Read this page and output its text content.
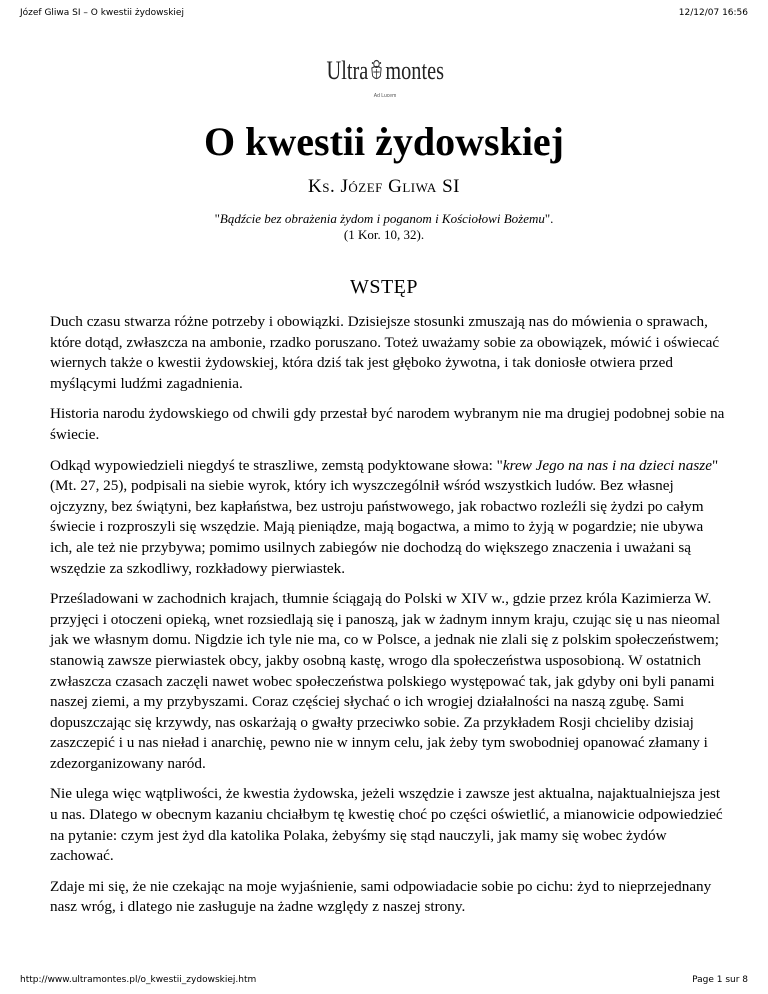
Józef Gliwa SI – O kwestii żydowskiej	12/12/07 16:56
Ultra montes
Ad Lucem
O kwestii żydowskiej
Ks. Józef Gliwa SI
"Bądźcie bez obrażenia żydom i poganom i Kościołowi Bożemu".
(1 Kor. 10, 32).
WSTĘP

Duch czasu stwarza różne potrzeby i obowiązki. Dzisiejsze stosunki zmuszają nas do mówienia o sprawach, które dotąd, zwłaszcza na ambonie, rzadko poruszano. Toteż uważamy sobie za obowiązek, mówić i oświecać wiernych także o kwestii żydowskiej, która dziś tak jest głęboko żywotna, i tak doniosłe otwiera przed myślącymi ludźmi zagadnienia.

Historia narodu żydowskiego od chwili gdy przestał być narodem wybranym nie ma drugiej podobnej sobie na świecie.

Odkąd wypowiedzieli niegdyś te straszliwe, zemstą podyktowane słowa: "krew Jego na nas i na dzieci nasze" (Mt. 27, 25), podpisali na siebie wyrok, który ich wyszczególnił wśród wszystkich ludów. Bez własnej ojczyzny, bez świątyni, bez kapłaństwa, bez ustroju państwowego, jak robactwo rozleźli się żydzi po całym świecie i rozproszyli się wszędzie. Mają pieniądze, mają bogactwa, a mimo to żyją w pogardzie; nie ubywa ich, ale też nie przybywa; pomimo usilnych zabiegów nie dochodzą do większego znaczenia i uważani są wszędzie za szkodliwy, rozkładowy pierwiastek.

Prześladowani w zachodnich krajach, tłumnie ściągają do Polski w XIV w., gdzie przez króla Kazimierza W. przyjęci i otoczeni opieką, wnet rozsiedlają się i panoszą, jak w żadnym innym kraju, czując się u nas nieomal jak we własnym domu. Nigdzie ich tyle nie ma, co w Polsce, a jednak nie zlali się z polskim społeczeństwem; stanowią zawsze pierwiastek obcy, jakby osobną kastę, wrogo dla społeczeństwa usposobioną. W ostatnich zwłaszcza czasach zaczęli nawet wobec społeczeństwa polskiego występować tak, jak gdyby oni byli panami naszej ziemi, a my przybyszami. Coraz częściej słychać o ich wrogiej działalności na naszą zgubę. Sami dopuszczając się krzywdy, nas oskarżają o gwałty przeciwko sobie. Za przykładem Rosji chcieliby dzisiaj zaszczepić i u nas nieład i anarchię, pewno nie w innym celu, jak żeby tym swobodniej opanować złamany i zdezorganizowany naród.

Nie ulega więc wątpliwości, że kwestia żydowska, jeżeli wszędzie i zawsze jest aktualna, najaktualniejsza jest u nas. Dlatego w obecnym kazaniu chciałbym tę kwestię choć po części oświetlić, a mianowicie odpowiedzieć na pytanie: czym jest żyd dla katolika Polaka, żebyśmy się stąd nauczyli, jak mamy się wobec żydów zachować.

Zdaje mi się, że nie czekając na moje wyjaśnienie, sami odpowiadacie sobie po cichu: żyd to nieprzejednany nasz wróg, i dlatego nie zasługuje na żadne względy z naszej strony.

http://www.ultramontes.pl/o_kwestii_zydowskiej.htm	Page 1 sur 8
